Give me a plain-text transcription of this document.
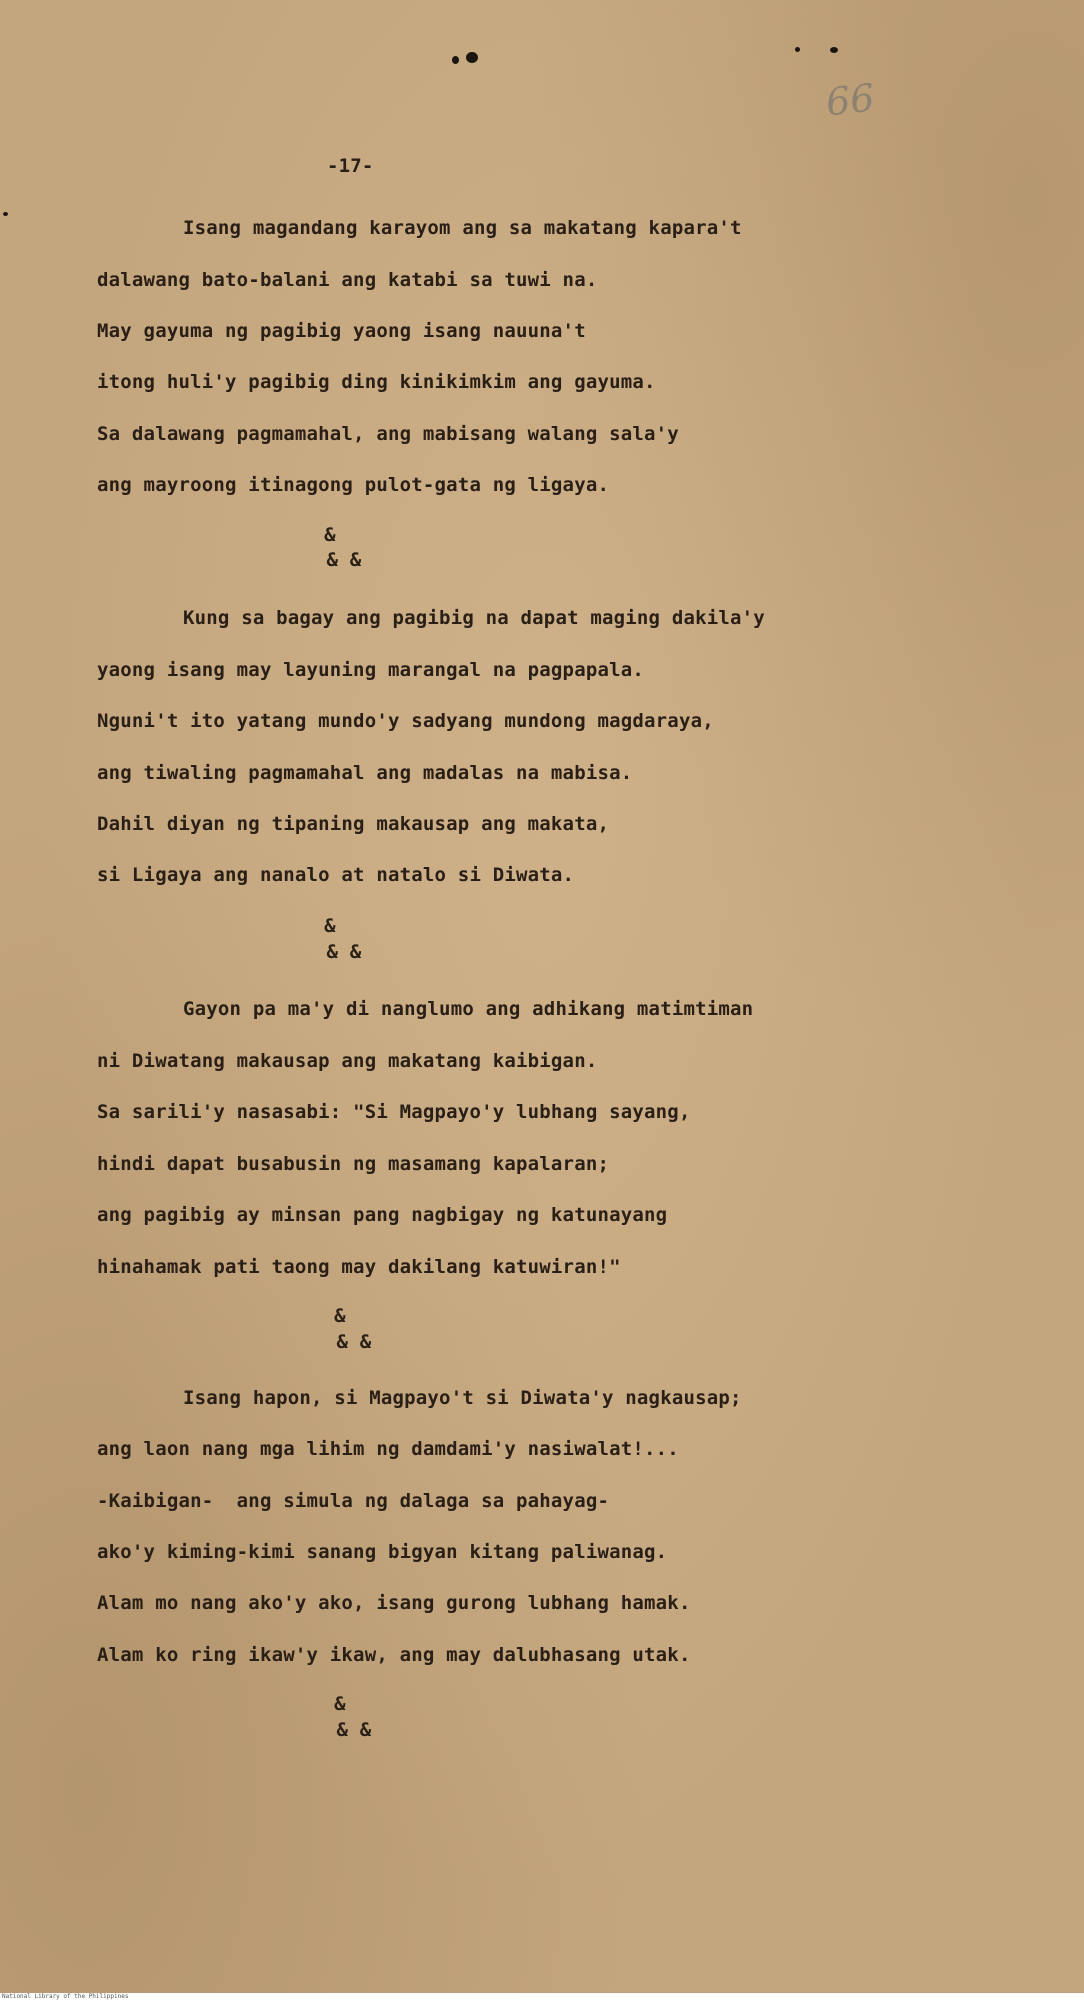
66
-17-
Isang magandang karayom ang sa makatang kapara't
dalawang bato-balani ang katabi sa tuwi na.
May gayuma ng pagibig yaong isang nauuna't
itong huli'y pagibig ding kinikimkim ang gayuma.
Sa dalawang pagmamahal, ang mabisang walang sala'y
ang mayroong itinagong pulot-gata ng ligaya.
&
& &
Kung sa bagay ang pagibig na dapat maging dakila'y
yaong isang may layuning marangal na pagpapala.
Nguni't ito yatang mundo'y sadyang mundong magdaraya,
ang tiwaling pagmamahal ang madalas na mabisa.
Dahil diyan ng tipaning makausap ang makata,
si Ligaya ang nanalo at natalo si Diwata.
&
& &
Gayon pa ma'y di nanglumo ang adhikang matimtiman
ni Diwatang makausap ang makatang kaibigan.
Sa sarili'y nasasabi: "Si Magpayo'y lubhang sayang,
hindi dapat busabusin ng masamang kapalaran;
ang pagibig ay minsan pang nagbigay ng katunayang
hinahamak pati taong may dakilang katuwiran!"
&
& &
Isang hapon, si Magpayo't si Diwata'y nagkausap;
ang laon nang mga lihim ng damdami'y nasiwalat!...
-Kaibigan-  ang simula ng dalaga sa pahayag-
ako'y kiming-kimi sanang bigyan kitang paliwanag.
Alam mo nang ako'y ako, isang gurong lubhang hamak.
Alam ko ring ikaw'y ikaw, ang may dalubhasang utak.
&
& &
National Library of the Philippines
